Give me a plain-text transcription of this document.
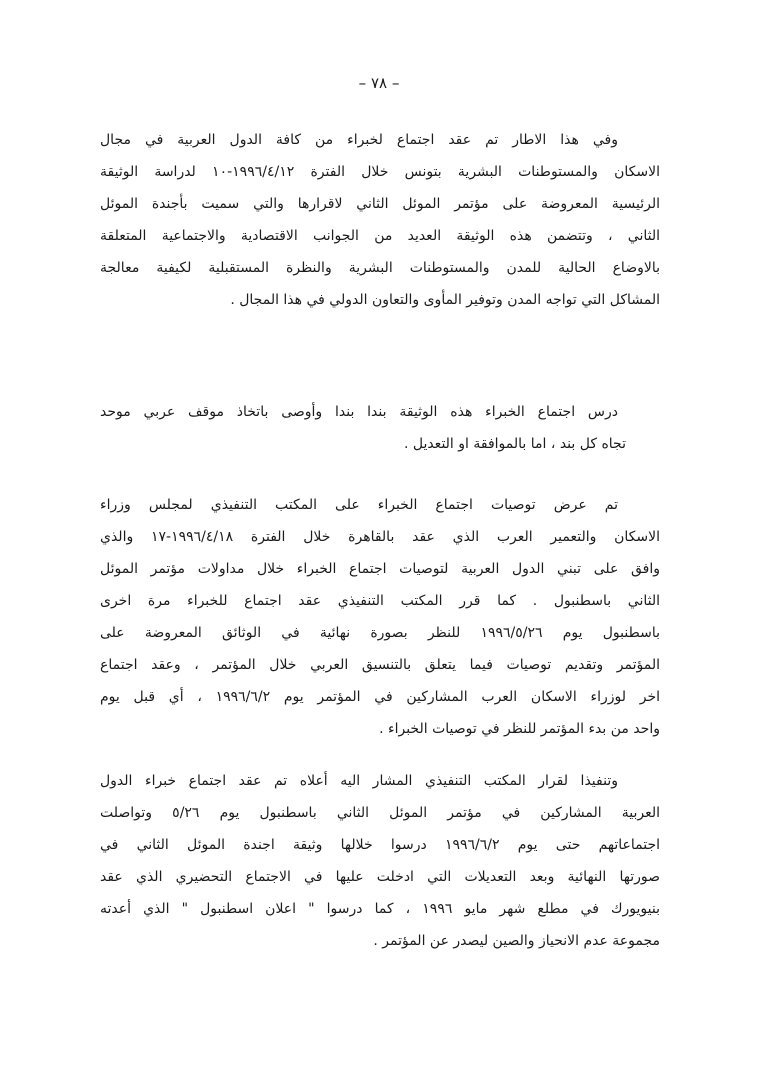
– ٧٨ –
وفي هذا الاطار تم عقد اجتماع لخبراء من كافة الدول العربية في مجال
الاسكان والمستوطنات البشرية بتونس خلال الفترة ⁦١٩٩٦/٤/١٢-١٠⁩ لدراسة الوثيقة
الرئيسية المعروضة على مؤتمر الموئل الثاني لاقرارها والتي سميت بأجندة الموئل
الثاني ، وتتضمن هذه الوثيقة العديد من الجوانب الاقتصادية والاجتماعية المتعلقة
بالاوضاع الحالية للمدن والمستوطنات البشرية والنظرة المستقبلية لكيفية معالجة
المشاكل التي تواجه المدن وتوفير المأوى والتعاون الدولي في هذا المجال .
درس اجتماع الخبراء هذه الوثيقة بندا بندا وأوصى باتخاذ موقف عربي موحد
تجاه كل بند ، اما بالموافقة او التعديل .
تم عرض توصيات اجتماع الخبراء على المكتب التنفيذي لمجلس وزراء
الاسكان والتعمير العرب الذي عقد بالقاهرة خلال الفترة ⁦١٩٩٦/٤/١٨-١٧⁩ والذي
وافق على تبني الدول العربية لتوصيات اجتماع الخبراء خلال مداولات مؤتمر الموئل
الثاني باسطنبول . كما قرر المكتب التنفيذي عقد اجتماع للخبراء مرة اخرى
باسطنبول يوم ⁦١٩٩٦/٥/٢٦⁩ للنظر بصورة نهائية في الوثائق المعروضة على
المؤتمر وتقديم توصيات فيما يتعلق بالتنسيق العربي خلال المؤتمر ، وعقد اجتماع
اخر لوزراء الاسكان العرب المشاركين في المؤتمر يوم ⁦١٩٩٦/٦/٢⁩ ، أي قبل يوم
واحد من بدء المؤتمر للنظر في توصيات الخبراء .
وتنفيذا لقرار المكتب التنفيذي المشار اليه أعلاه تم عقد اجتماع خبراء الدول
العربية المشاركين في مؤتمر الموئل الثاني باسطنبول يوم ⁦٥/٢٦⁩ وتواصلت
اجتماعاتهم حتى يوم ⁦١٩٩٦/٦/٢⁩ درسوا خلالها وثيقة اجندة الموئل الثاني في
صورتها النهائية وبعد التعديلات التي ادخلت عليها في الاجتماع التحضيري الذي عقد
بنيويورك في مطلع شهر مايو ١٩٩٦ ، كما درسوا " اعلان اسطنبول " الذي أعدته
مجموعة عدم الانحياز والصين ليصدر عن المؤتمر .
